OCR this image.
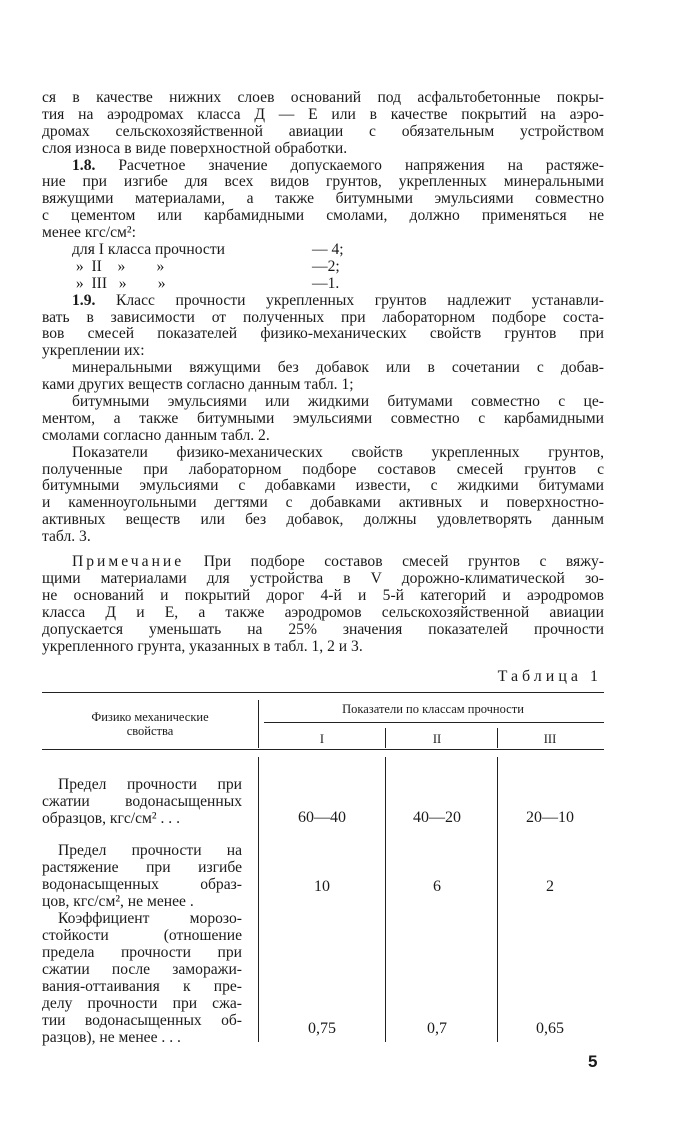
ся в качестве нижних слоев оснований под асфальтобетонные покры-
тия на аэродромах класса Д — Е или в качестве покрытий на аэро-
дромах сельскохозяйственной авиации с обязательным устройством
слоя износа в виде поверхностной обработки.
1.8. Расчетное значение допускаемого напряжения на растяже-
ние при изгибе для всех видов грунтов, укрепленных минеральными
вяжущими материалами, а также битумными эмульсиями совместно
с цементом или карбамидными смолами, должно применяться не
менее кгс/см²:
для I класса прочности	— 4;
»  II    »        »	—2;
»  III   »        »	—1.
1.9. Класс прочности укрепленных грунтов надлежит устанавли-
вать в зависимости от полученных при лабораторном подборе соста-
вов смесей показателей физико-механических свойств грунтов при
укреплении их:
минеральными вяжущими без добавок или в сочетании с добав-
ками других веществ согласно данным табл. 1;
битумными эмульсиями или жидкими битумами совместно с це-
ментом, а также битумными эмульсиями совместно с карбамидными
смолами согласно данным табл. 2.
Показатели физико-механических свойств укрепленных грунтов,
полученные при лабораторном подборе составов смесей грунтов с
битумными эмульсиями с добавками извести, с жидкими битумами
и каменноугольными дегтями с добавками активных и поверхностно-
активных веществ или без добавок, должны удовлетворять данным
табл. 3.
Примечание При подборе составов смесей грунтов с вяжу-
щими материалами для устройства в V дорожно-климатической зо-
не оснований и покрытий дорог 4-й и 5-й категорий и аэродромов
класса Д и Е, а также аэродромов сельскохозяйственной авиации
допускается уменьшать на 25% значения показателей прочности
укрепленного грунта, указанных в табл. 1, 2 и 3.
Таблица 1
Физико механические
свойства
Показатели по классам прочности
I	II	III
Предел прочности при
сжатии водонасыщенных
образцов, кгс/см² . . .	60—40	40—20	20—10
Предел прочности на
растяжение при изгибе
водонасыщенных образ-
цов, кгс/см², не менее .
10	6	2
Коэффициент морозо-
стойкости (отношение
предела прочности при
сжатии после заморажи-
вания-оттаивания к пре-
делу прочности при сжа-
тии водонасыщенных об-
разцов), не менее . . .
0,75	0,7	0,65
5
